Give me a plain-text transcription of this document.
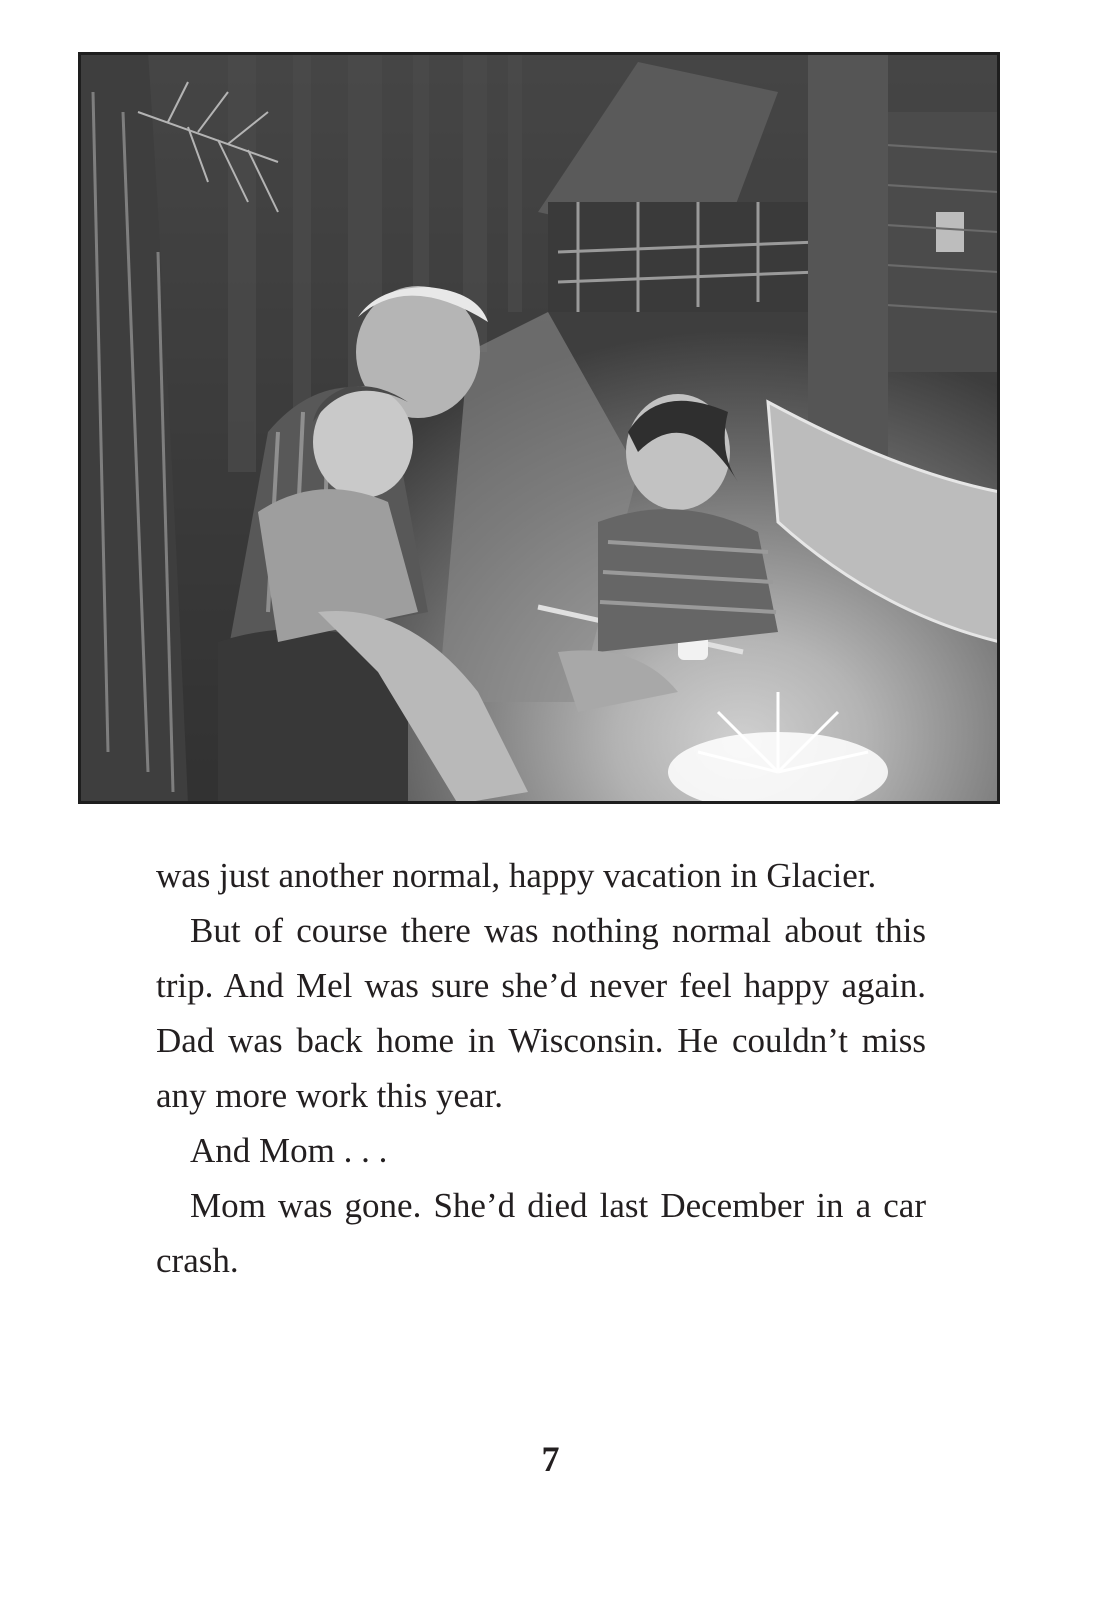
was just another normal, happy vacation in Glacier.

But of course there was nothing normal about this trip. And Mel was sure she’d never feel happy again. Dad was back home in Wisconsin. He couldn’t miss any more work this year.

And Mom . . .

Mom was gone. She’d died last December in a car crash.

7
